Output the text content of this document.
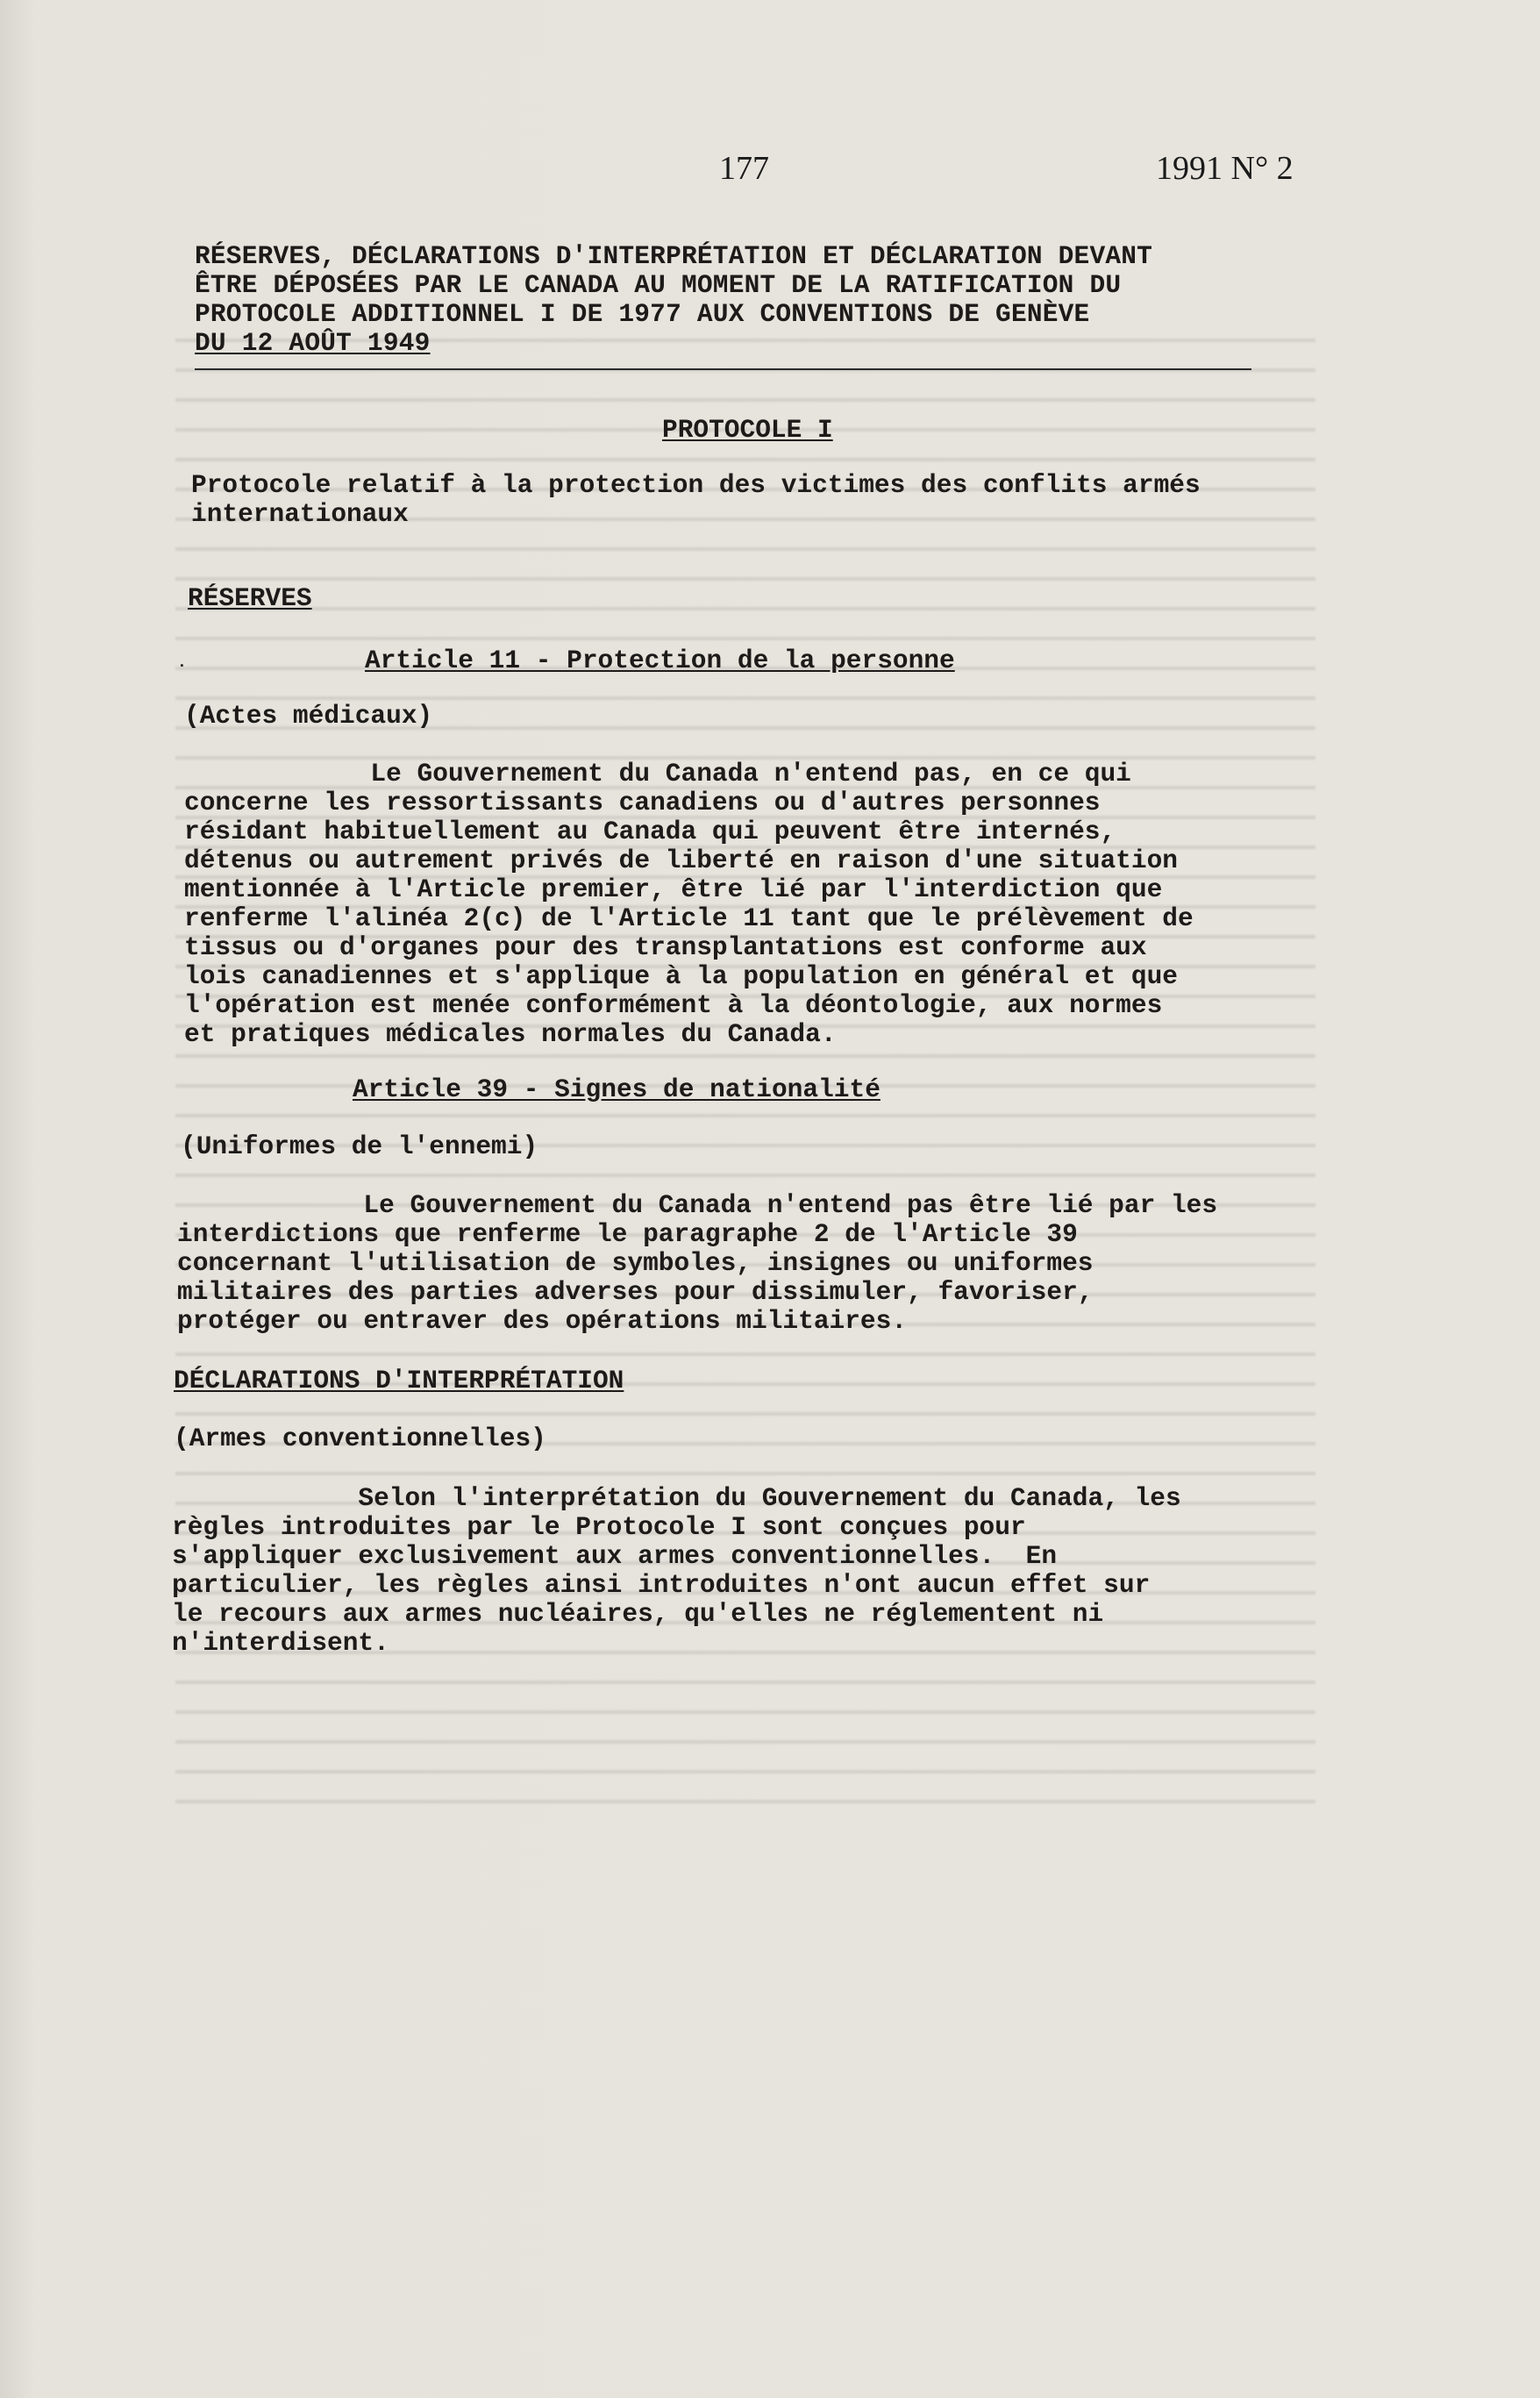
177	1991 N° 2
RÉSERVES, DÉCLARATIONS D'INTERPRÉTATION ET DÉCLARATION DEVANT
ÊTRE DÉPOSÉES PAR LE CANADA AU MOMENT DE LA RATIFICATION DU
PROTOCOLE ADDITIONNEL I DE 1977 AUX CONVENTIONS DE GENÈVE
DU 12 AOÛT 1949
PROTOCOLE I
Protocole relatif à la protection des victimes des conflits armés
internationaux
RÉSERVES
.	Article 11 - Protection de la personne
(Actes médicaux)
Le Gouvernement du Canada n'entend pas, en ce qui
concerne les ressortissants canadiens ou d'autres personnes
résidant habituellement au Canada qui peuvent être internés,
détenus ou autrement privés de liberté en raison d'une situation
mentionnée à l'Article premier, être lié par l'interdiction que
renferme l'alinéa 2(c) de l'Article 11 tant que le prélèvement de
tissus ou d'organes pour des transplantations est conforme aux
lois canadiennes et s'applique à la population en général et que
l'opération est menée conformément à la déontologie, aux normes
et pratiques médicales normales du Canada.
Article 39 - Signes de nationalité
(Uniformes de l'ennemi)
Le Gouvernement du Canada n'entend pas être lié par les
interdictions que renferme le paragraphe 2 de l'Article 39
concernant l'utilisation de symboles, insignes ou uniformes
militaires des parties adverses pour dissimuler, favoriser,
protéger ou entraver des opérations militaires.
DÉCLARATIONS D'INTERPRÉTATION
(Armes conventionnelles)
Selon l'interprétation du Gouvernement du Canada, les
règles introduites par le Protocole I sont conçues pour
s'appliquer exclusivement aux armes conventionnelles.  En
particulier, les règles ainsi introduites n'ont aucun effet sur
le recours aux armes nucléaires, qu'elles ne réglementent ni
n'interdisent.
